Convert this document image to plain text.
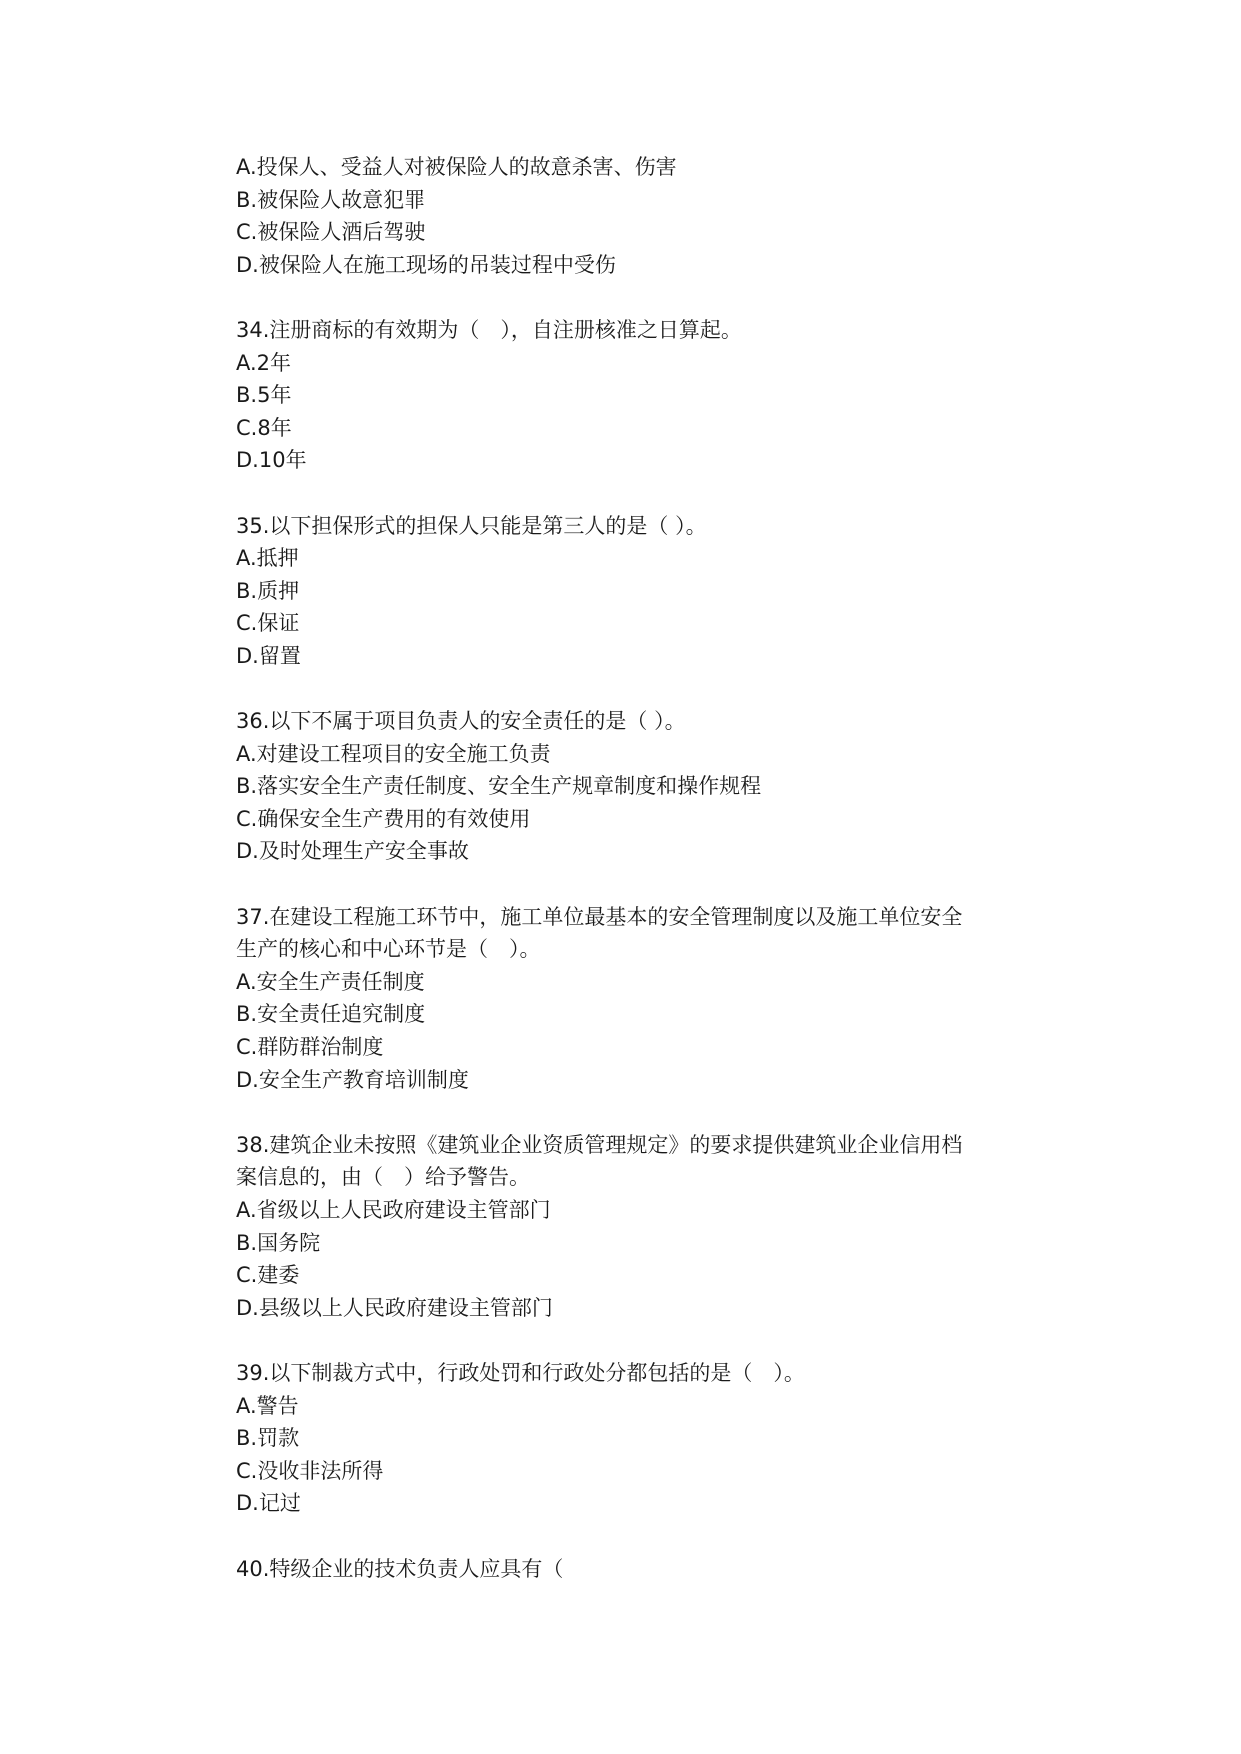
A.投保人、受益人对被保险人的故意杀害、伤害
B.被保险人故意犯罪
C.被保险人酒后驾驶
D.被保险人在施工现场的吊装过程中受伤
34.注册商标的有效期为（　），自注册核准之日算起。
A.2年
B.5年
C.8年
D.10年
35.以下担保形式的担保人只能是第三人的是（ ）。
A.抵押
B.质押
C.保证
D.留置
36.以下不属于项目负责人的安全责任的是（ ）。
A.对建设工程项目的安全施工负责
B.落实安全生产责任制度、安全生产规章制度和操作规程
C.确保安全生产费用的有效使用
D.及时处理生产安全事故
37.在建设工程施工环节中，施工单位最基本的安全管理制度以及施工单位安全
生产的核心和中心环节是（　）。
A.安全生产责任制度
B.安全责任追究制度
C.群防群治制度
D.安全生产教育培训制度
38.建筑企业未按照《建筑业企业资质管理规定》的要求提供建筑业企业信用档
案信息的，由（　）给予警告。
A.省级以上人民政府建设主管部门
B.国务院
C.建委
D.县级以上人民政府建设主管部门
39.以下制裁方式中，行政处罚和行政处分都包括的是（　）。
A.警告
B.罚款
C.没收非法所得
D.记过
40.特级企业的技术负责人应具有（
